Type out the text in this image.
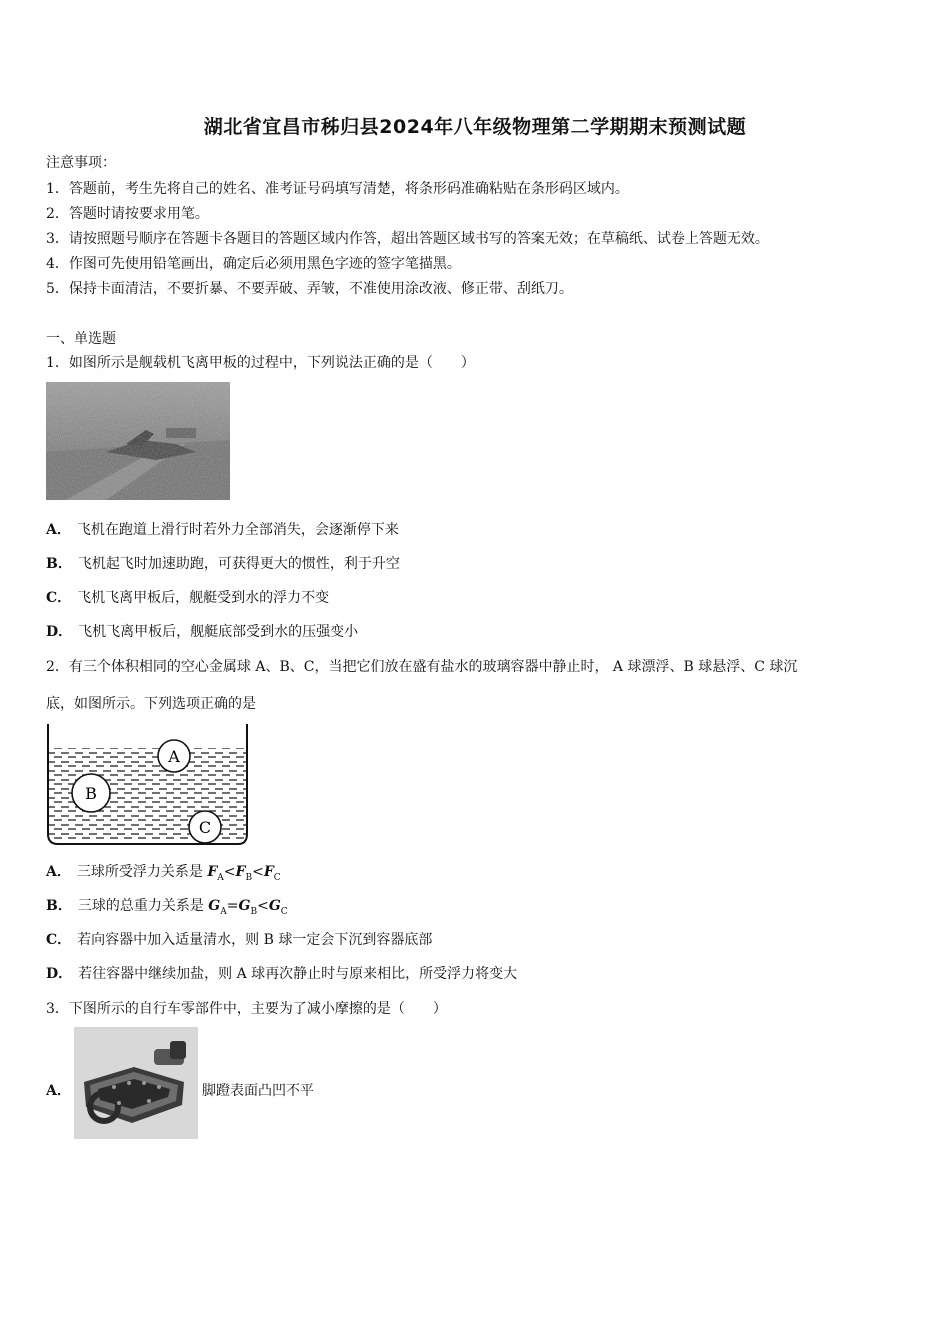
湖北省宜昌市秭归县2024年八年级物理第二学期期末预测试题
注意事项：
1．答题前，考生先将自己的姓名、准考证号码填写清楚，将条形码准确粘贴在条形码区域内。
2．答题时请按要求用笔。
3．请按照题号顺序在答题卡各题目的答题区域内作答，超出答题区域书写的答案无效；在草稿纸、试卷上答题无效。
4．作图可先使用铅笔画出，确定后必须用黑色字迹的签字笔描黑。
5．保持卡面清洁，不要折暴、不要弄破、弄皱，不准使用涂改液、修正带、刮纸刀。
一、单选题
1．如图所示是舰载机飞离甲板的过程中，下列说法正确的是（　　）
A． 飞机在跑道上滑行时若外力全部消失，会逐渐停下来
B． 飞机起飞时加速助跑，可获得更大的惯性，利于升空
C． 飞机飞离甲板后，舰艇受到水的浮力不变
D． 飞机飞离甲板后，舰艇底部受到水的压强变小
2．有三个体积相同的空心金属球 A、B、C，当把它们放在盛有盐水的玻璃容器中静止时， A 球漂浮、B 球悬浮、C 球沉
底，如图所示。下列选项正确的是
A
B
C
A． 三球所受浮力关系是 $F_A<F_B<F_C$
B． 三球的总重力关系是 $G_A=G_B<G_C$
C． 若向容器中加入适量清水，则 B 球一定会下沉到容器底部
D． 若往容器中继续加盐，则 A 球再次静止时与原来相比，所受浮力将变大
3．下图所示的自行车零部件中，主要为了减小摩擦的是（　　）
A．	脚蹬表面凸凹不平
